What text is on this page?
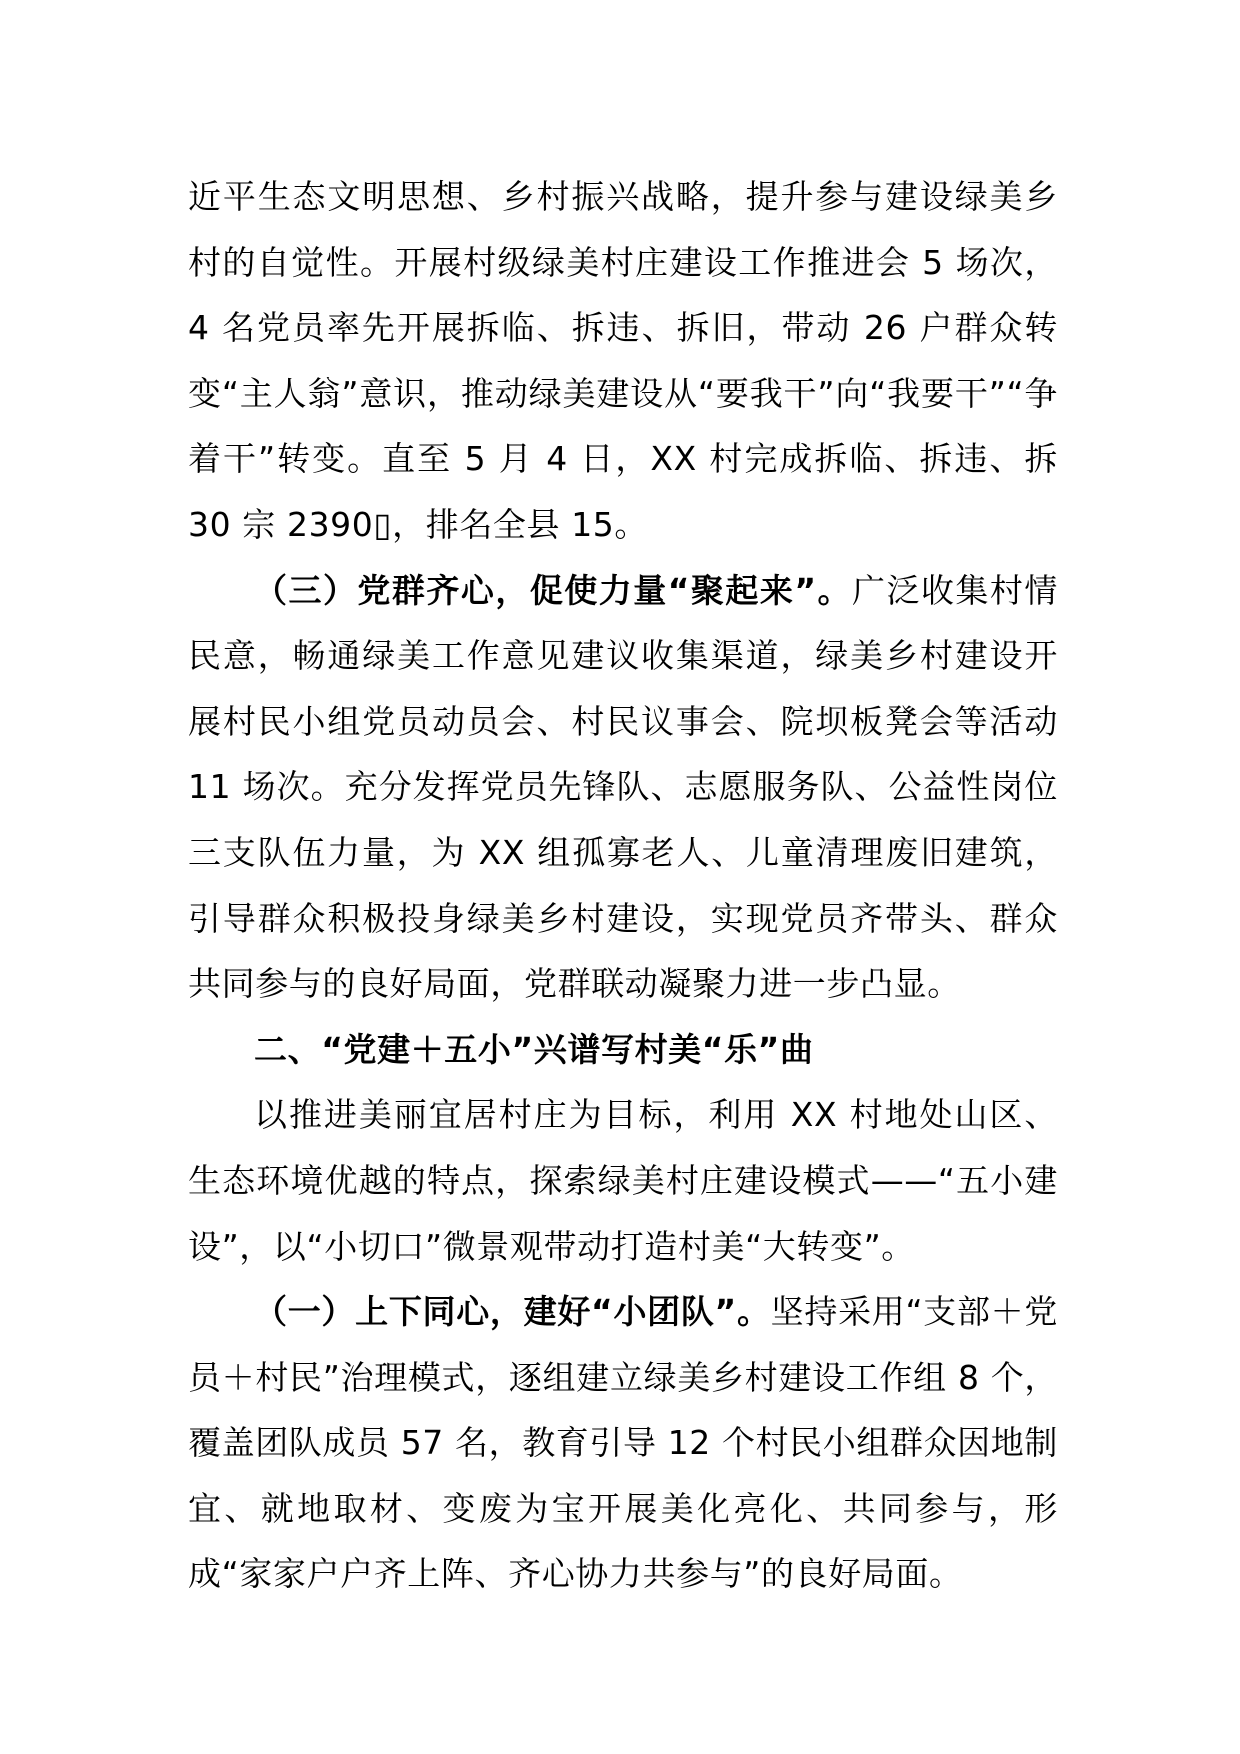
近平生态文明思想、乡村振兴战略，提升参与建设绿美乡村的自觉性。开展村级绿美村庄建设工作推进会 5 场次，4 名党员率先开展拆临、拆违、拆旧，带动 26 户群众转变“主人翁”意识，推动绿美建设从“要我干”向“我要干”“争着干”转变。直至 5 月 4 日，XX 村完成拆临、拆违、拆 30 宗 2390▯，排名全县 15。

（三）党群齐心，促使力量“聚起来”。广泛收集村情民意，畅通绿美工作意见建议收集渠道，绿美乡村建设开展村民小组党员动员会、村民议事会、院坝板凳会等活动 11 场次。充分发挥党员先锋队、志愿服务队、公益性岗位三支队伍力量，为 XX 组孤寡老人、儿童清理废旧建筑，引导群众积极投身绿美乡村建设，实现党员齐带头、群众共同参与的良好局面，党群联动凝聚力进一步凸显。

二、“党建＋五小”兴谱写村美“乐”曲

以推进美丽宜居村庄为目标，利用 XX 村地处山区、生态环境优越的特点，探索绿美村庄建设模式——“五小建设”，以“小切口”微景观带动打造村美“大转变”。

（一）上下同心，建好“小团队”。坚持采用“支部＋党员＋村民”治理模式，逐组建立绿美乡村建设工作组 8 个，覆盖团队成员 57 名，教育引导 12 个村民小组群众因地制宜、就地取材、变废为宝开展美化亮化、共同参与，形成“家家户户齐上阵、齐心协力共参与”的良好局面。
